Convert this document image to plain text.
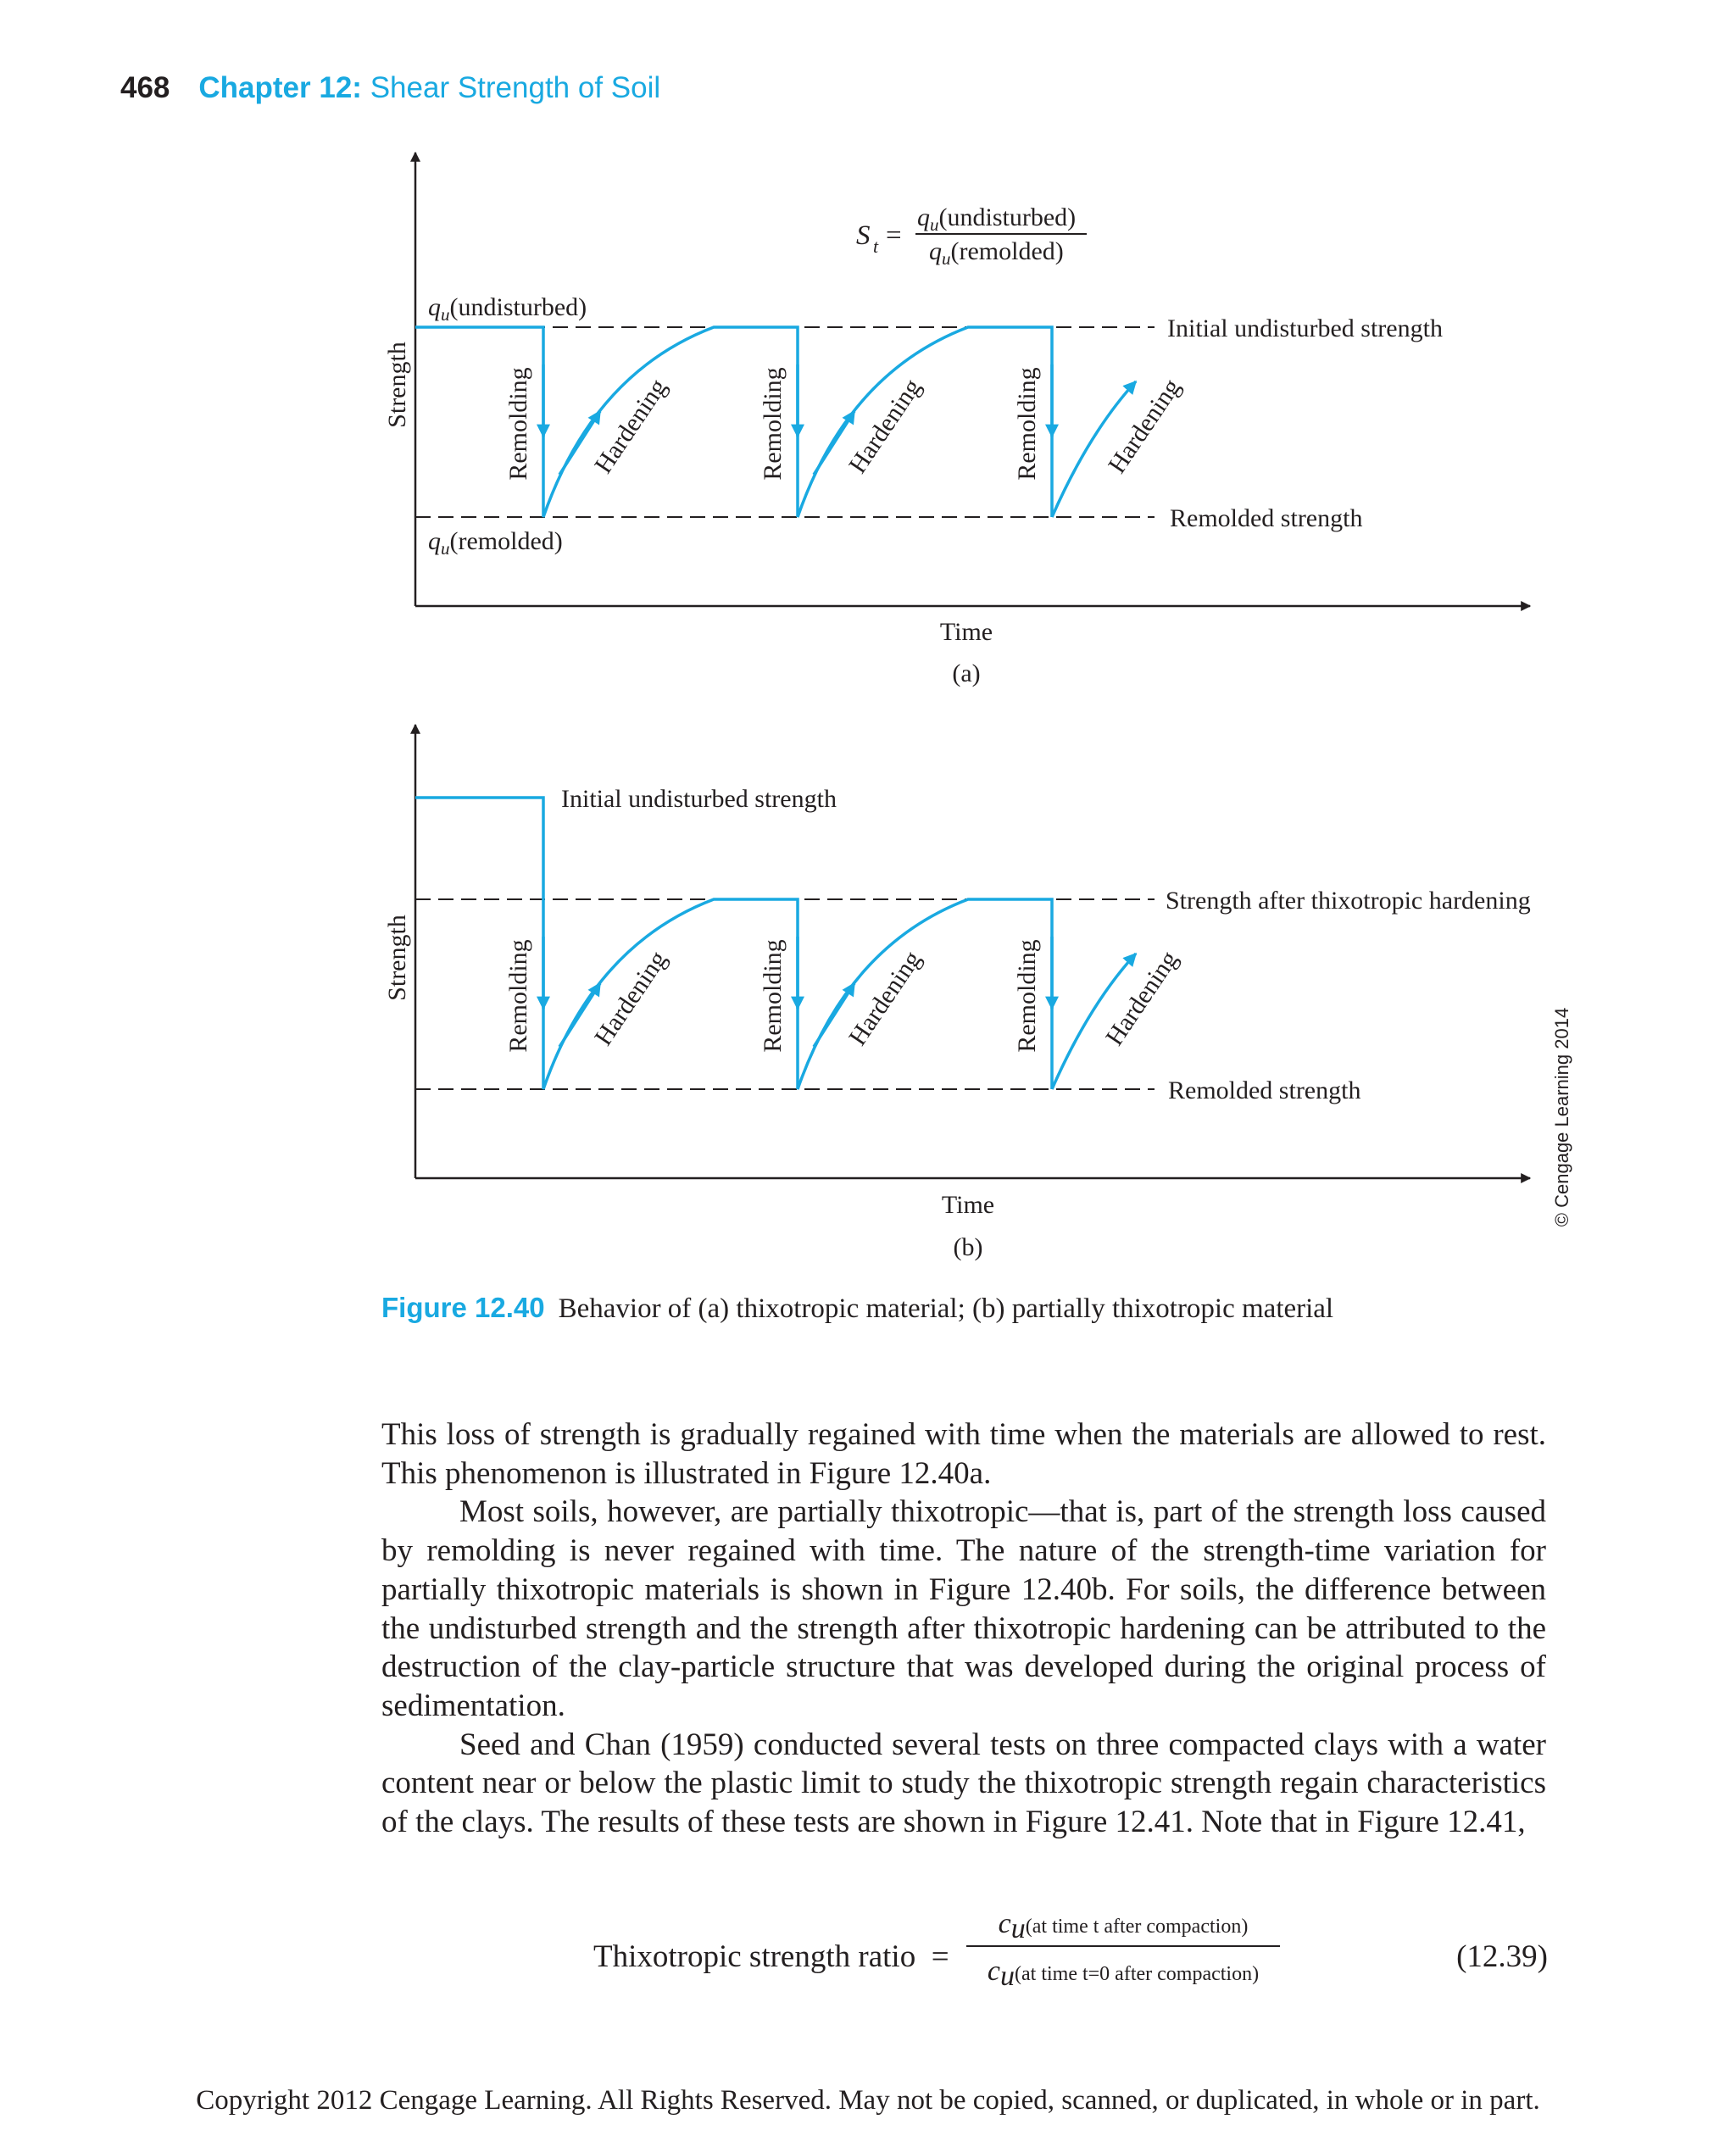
468 Chapter 12: Shear Strength of Soil
S t =
$q_u(undisturbed)$
$q_u(remolded)$
$q_u(undisturbed)$
$q_u(remolded)$
Initial undisturbed strength
Remolded strength
Strength	Remolding Hardening	Remolding Hardening	Remolding Hardening
Time
(a)
Initial undisturbed strength
Strength after thixotropic hardening
Remolded strength
Strength	Remolding Hardening	Remolding Hardening	Remolding Hardening
Time
(b)
© Cengage Learning 2014
Figure 12.40 Behavior of (a) thixotropic material; (b) partially thixotropic material

This loss of strength is gradually regained with time when the materials are allowed to rest. This phenomenon is illustrated in Figure 12.40a.

Most soils, however, are partially thixotropic—that is, part of the strength loss caused by remolding is never regained with time. The nature of the strength-time variation for partially thixotropic materials is shown in Figure 12.40b. For soils, the difference between the undisturbed strength and the strength after thixotropic hardening can be attributed to the destruction of the clay-particle structure that was developed during the original process of sedimentation.

Seed and Chan (1959) conducted several tests on three compacted clays with a water content near or below the plastic limit to study the thixotropic strength regain characteristics of the clays. The results of these tests are shown in Figure 12.41. Note that in Figure 12.41,

Thixotropic strength ratio =
$c_u(at$ time t after compaction)
$c_u(at$ time t=0 after compaction)	(12.39)
Copyright 2012 Cengage Learning. All Rights Reserved. May not be copied, scanned, or duplicated, in whole or in part.
